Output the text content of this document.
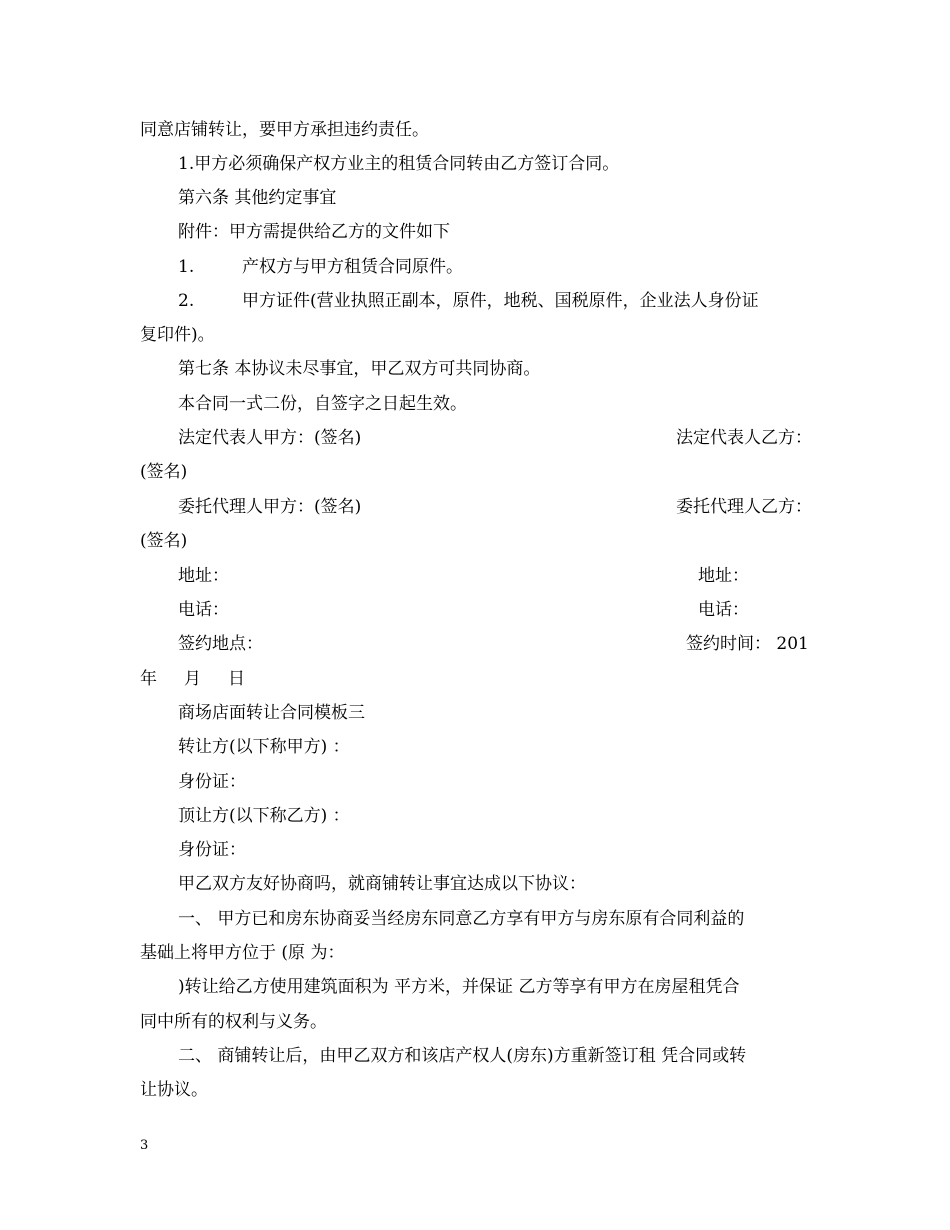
同意店铺转让，要甲方承担违约责任。
1.甲方必须确保产权方业主的租赁合同转由乙方签订合同。
第六条 其他约定事宜
附件：甲方需提供给乙方的文件如下
1.	产权方与甲方租赁合同原件。
2.	甲方证件(营业执照正副本，原件，地税、国税原件，企业法人身份证
复印件)。
第七条 本协议未尽事宜，甲乙双方可共同协商。
本合同一式二份，自签字之日起生效。
法定代表人甲方：(签名)	法定代表人乙方：
(签名)
委托代理人甲方：(签名)	委托代理人乙方：
(签名)
地址：	地址：
电话：	电话：
签约地点：	签约时间： 201
年     月     日
商场店面转让合同模板三
转让方(以下称甲方) ：
身份证：
顶让方(以下称乙方) ：
身份证：
甲乙双方友好协商吗，就商铺转让事宜达成以下协议：
一、 甲方已和房东协商妥当经房东同意乙方享有甲方与房东原有合同利益的
基础上将甲方位于 (原 为：
)转让给乙方使用建筑面积为 平方米，并保证 乙方等享有甲方在房屋租凭合
同中所有的权利与义务。
二、 商铺转让后，由甲乙双方和该店产权人(房东)方重新签订租 凭合同或转
让协议。
3
